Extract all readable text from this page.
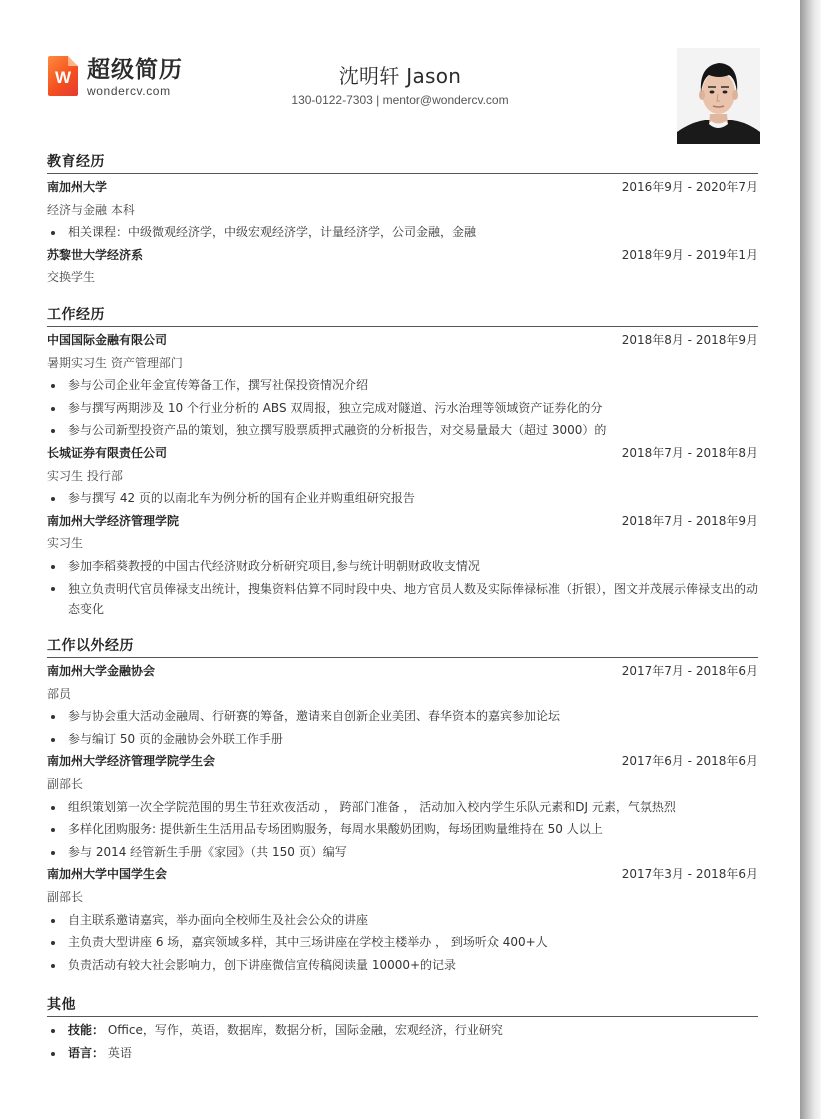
W 超级简历
wondercv.com
沈明轩 Jason
130-0122-7303 | mentor@wondercv.com
教育经历
南加州大学	2016年9月 - 2020年7月
经济与金融 本科
相关课程：中级微观经济学，中级宏观经济学，计量经济学，公司金融，金融
苏黎世大学经济系	2018年9月 - 2019年1月
交换学生
工作经历
中国国际金融有限公司	2018年8月 - 2018年9月
暑期实习生 资产管理部门
参与公司企业年金宣传筹备工作，撰写社保投资情况介绍
参与撰写两期涉及 10 个行业分析的 ABS 双周报，独立完成对隧道、污水治理等领域资产证券化的分
参与公司新型投资产品的策划，独立撰写股票质押式融资的分析报告，对交易量最大（超过 3000）的
长城证券有限责任公司	2018年7月 - 2018年8月
实习生 投行部
参与撰写 42 页的以南北车为例分析的国有企业并购重组研究报告
南加州大学经济管理学院	2018年7月 - 2018年9月
实习生
参加李稻葵教授的中国古代经济财政分析研究项目,参与统计明朝财政收支情况
独立负责明代官员俸禄支出统计，搜集资料估算不同时段中央、地方官员人数及实际俸禄标准（折银），图文并茂展示俸禄支出的动态变化
工作以外经历
南加州大学金融协会	2017年7月 - 2018年6月
部员
参与协会重大活动金融周、行研赛的筹备，邀请来自创新企业美团、春华资本的嘉宾参加论坛
参与编订 50 页的金融协会外联工作手册
南加州大学经济管理学院学生会	2017年6月 - 2018年6月
副部长
组织策划第一次全学院范围的男生节狂欢夜活动 ， 跨部门准备 ， 活动加入校内学生乐队元素和DJ 元素，气氛热烈
多样化团购服务: 提供新生生活用品专场团购服务，每周水果酸奶团购，每场团购量维持在 50 人以上
参与 2014 经管新生手册《家园》（共 150 页）编写
南加州大学中国学生会	2017年3月 - 2018年6月
副部长
自主联系邀请嘉宾，举办面向全校师生及社会公众的讲座
主负责大型讲座 6 场，嘉宾领域多样，其中三场讲座在学校主楼举办 ， 到场听众 400+人
负责活动有较大社会影响力，创下讲座微信宣传稿阅读量 10000+的记录
其他
技能： Office，写作，英语，数据库，数据分析，国际金融，宏观经济，行业研究
语言： 英语
